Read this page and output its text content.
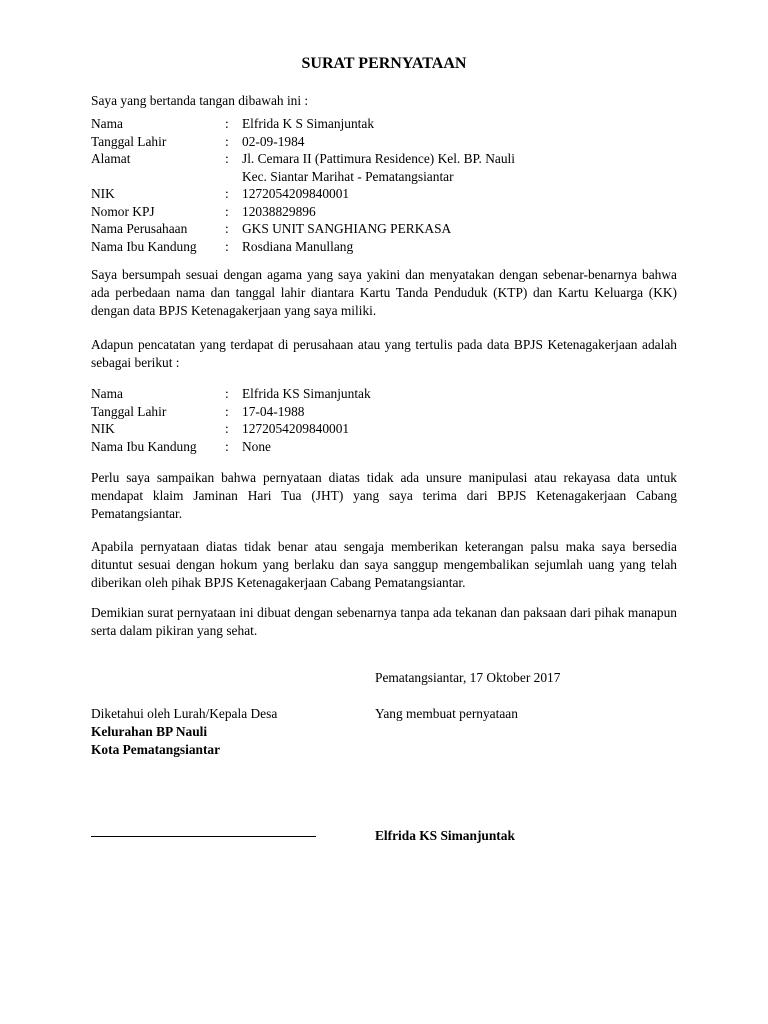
SURAT PERNYATAAN
Saya yang bertanda tangan dibawah ini :
Nama	: Elfrida K S Simanjuntak
Tanggal Lahir	: 02-09-1984
Alamat	: Jl. Cemara II (Pattimura Residence) Kel. BP. Nauli
Kec. Siantar Marihat - Pematangsiantar
NIK	: 1272054209840001
Nomor KPJ	: 12038829896
Nama Perusahaan	: GKS UNIT SANGHIANG PERKASA
Nama Ibu Kandung : Rosdiana Manullang
Saya bersumpah sesuai dengan agama yang saya yakini dan menyatakan dengan sebenar-benarnya bahwa ada perbedaan nama dan tanggal lahir diantara Kartu Tanda Penduduk (KTP) dan Kartu Keluarga (KK) dengan data BPJS Ketenagakerjaan yang saya miliki.
Adapun pencatatan yang terdapat di perusahaan atau yang tertulis pada data BPJS Ketenagakerjaan adalah sebagai berikut :
Nama	: Elfrida KS Simanjuntak
Tanggal Lahir	: 17-04-1988
NIK	: 1272054209840001
Nama Ibu Kandung : None
Perlu saya sampaikan bahwa pernyataan diatas tidak ada unsure manipulasi atau rekayasa data untuk mendapat klaim Jaminan Hari Tua (JHT) yang saya terima dari BPJS Ketenagakerjaan Cabang Pematangsiantar.
Apabila pernyataan diatas tidak benar atau sengaja memberikan keterangan palsu maka saya bersedia dituntut sesuai dengan hokum yang berlaku dan saya sanggup mengembalikan sejumlah uang yang telah diberikan oleh pihak BPJS Ketenagakerjaan Cabang Pematangsiantar.
Demikian surat pernyataan ini dibuat dengan sebenarnya tanpa ada tekanan dan paksaan dari pihak manapun serta dalam pikiran yang sehat.
Pematangsiantar, 17 Oktober 2017
Diketahui oleh Lurah/Kepala Desa
Kelurahan BP Nauli
Kota Pematangsiantar
Yang membuat pernyataan
Elfrida KS Simanjuntak
